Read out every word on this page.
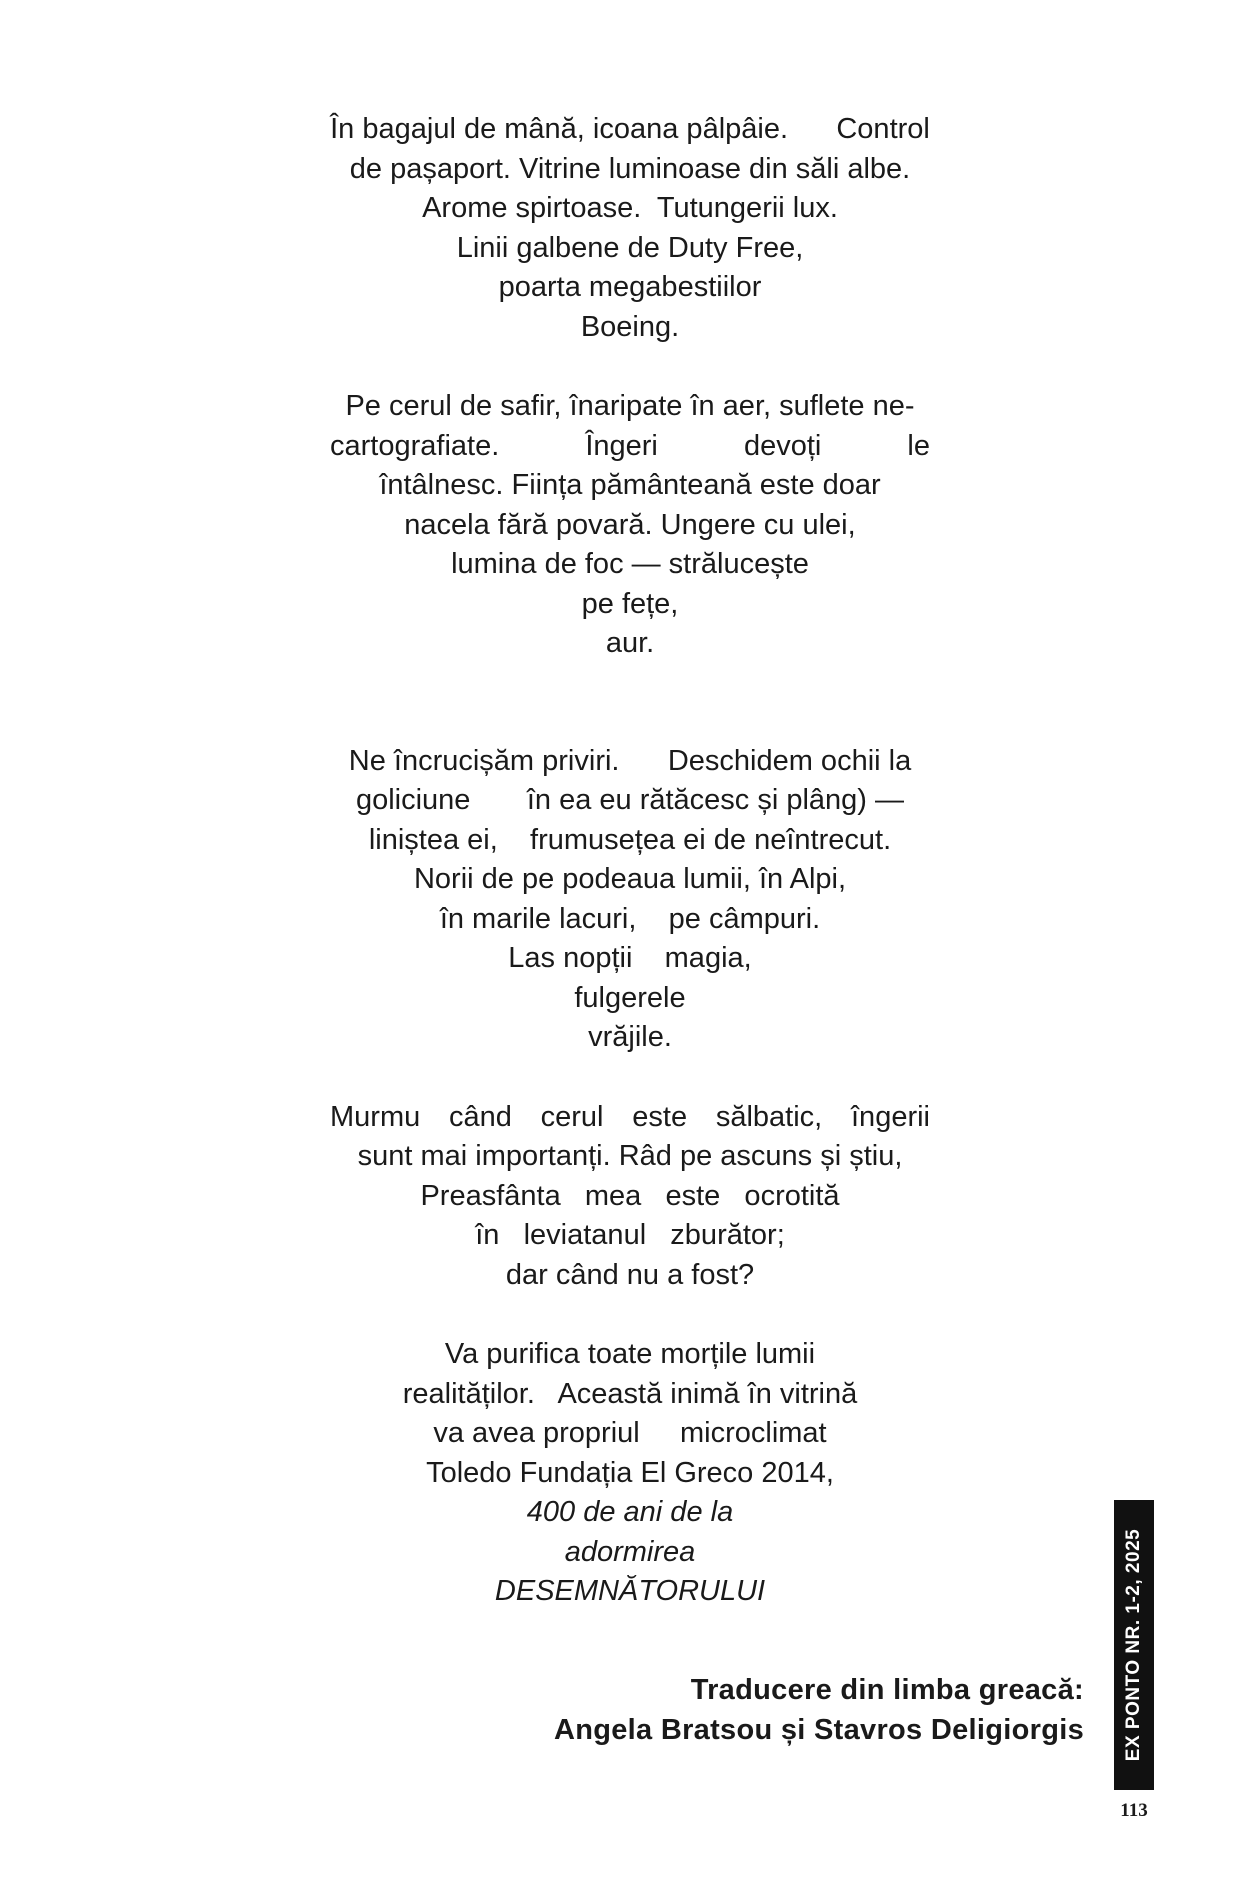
În bagajul de mână, icoana pâlpâie.      Control
de pașaport. Vitrine luminoase din săli albe.
Arome spirtoase.  Tutungerii lux.
Linii galbene de Duty Free,
poarta megabestiilor
Boeing.
Pe cerul de safir, înaripate în aer, suflete ne-
cartografiate. Îngeri devoți le
întâlnesc. Ființa pământeană este doar
nacela fără povară. Ungere cu ulei,
lumina de foc — strălucește
pe fețe,
aur.
Ne încrucișăm priviri.      Deschidem ochii la
goliciune       în ea eu rătăcesc și plâng) —
liniștea ei,    frumusețea ei de neîntrecut.
Norii de pe podeaua lumii, în Alpi,
în marile lacuri,    pe câmpuri.
Las nopții    magia,
fulgerele
vrăjile.
Murmu când cerul este sălbatic, îngerii
sunt mai importanți. Râd pe ascuns și știu,
Preasfânta   mea   este   ocrotită
în   leviatanul   zburător;
dar când nu a fost?
Va purifica toate morțile lumii
realităților.   Această inimă în vitrină
va avea propriul     microclimat
Toledo Fundația El Greco 2014,
400 de ani de la
adormirea
DESEMNĂTORULUI
Traducere din limba greacă:
Angela Bratsou și Stavros Deligiorgis EX PONTO NR. 1-2, 2025
113
